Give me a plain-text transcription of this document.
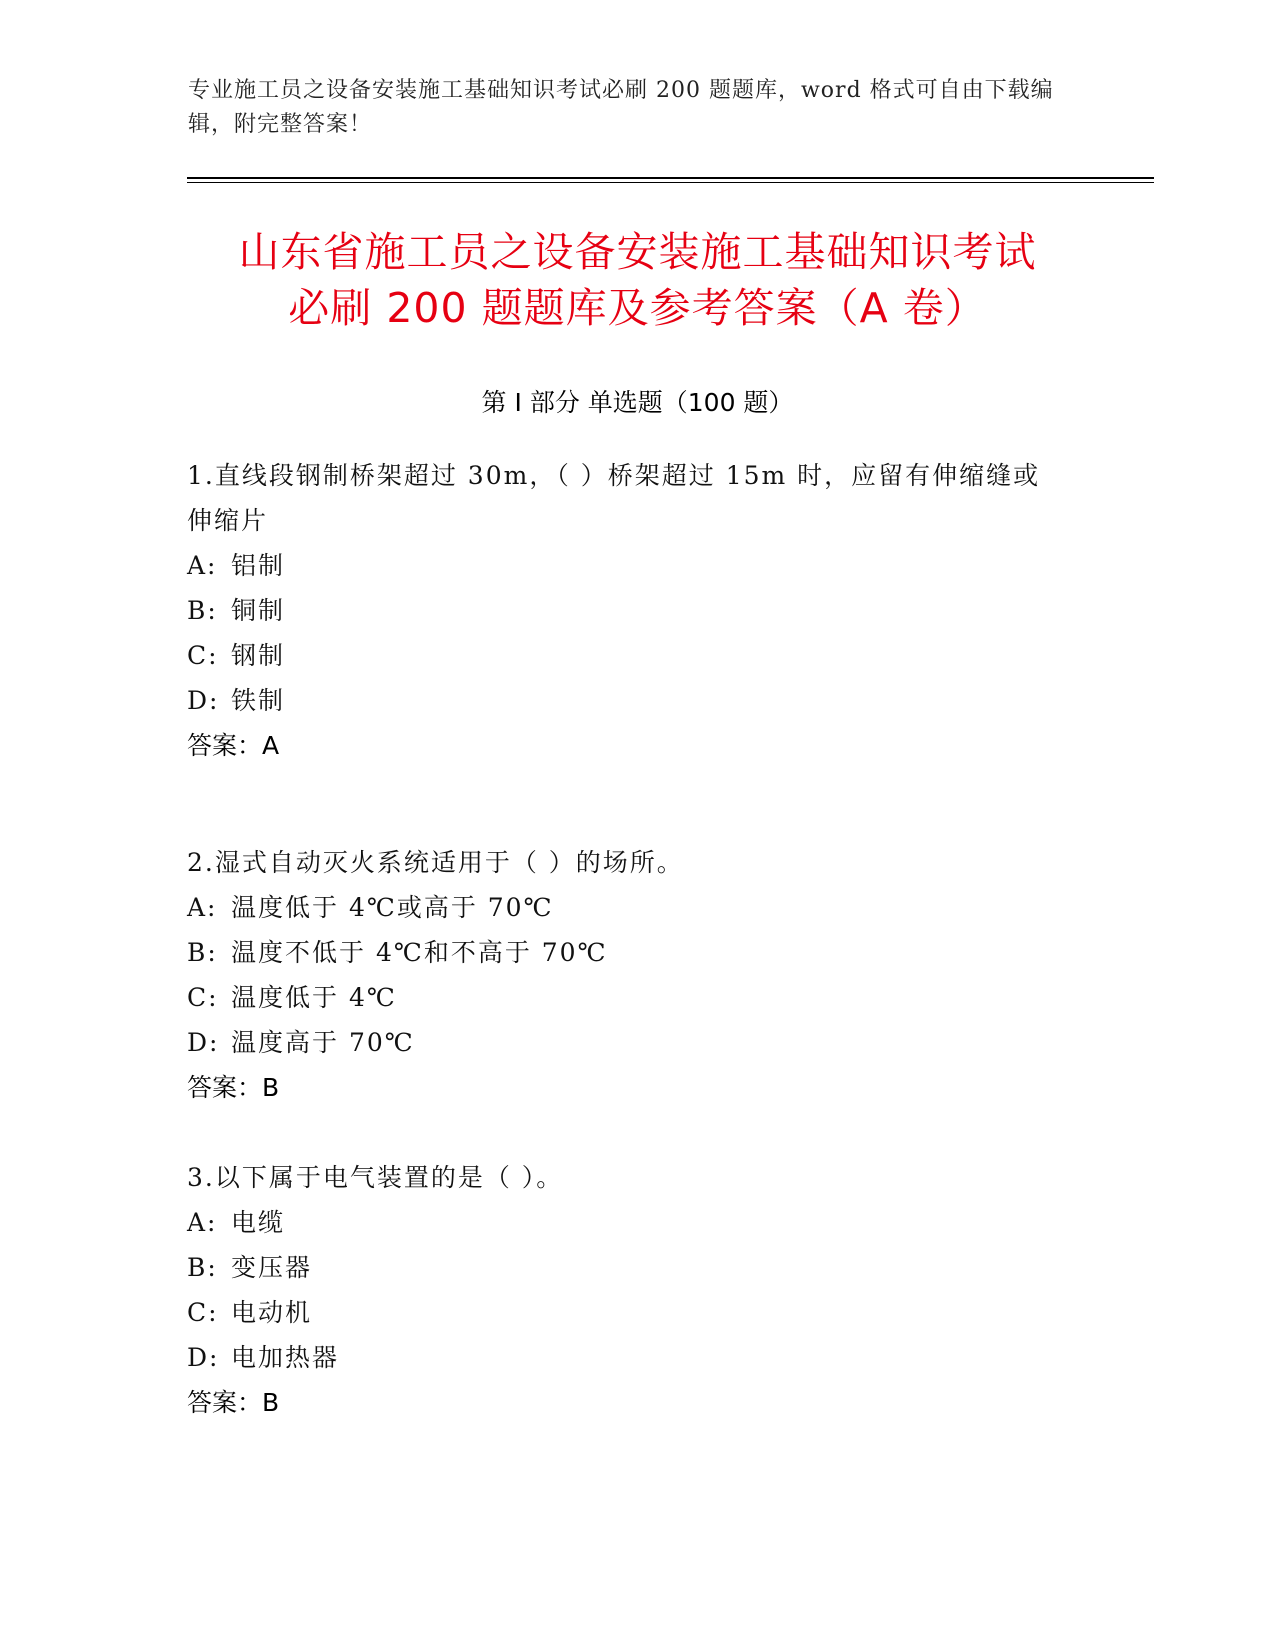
专业施工员之设备安装施工基础知识考试必刷 200 题题库，word 格式可自由下载编辑，附完整答案！
山东省施工员之设备安装施工基础知识考试
必刷 200 题题库及参考答案（A 卷）
第 I 部分 单选题（100 题）
1.直线段钢制桥架超过 30m，（ ）桥架超过 15m 时，应留有伸缩缝或伸缩片
A: 铝制
B: 铜制
C: 钢制
D: 铁制
答案：A
2.湿式自动灭火系统适用于（ ）的场所。
A: 温度低于 4℃或高于 70℃
B: 温度不低于 4℃和不高于 70℃
C: 温度低于 4℃
D: 温度高于 70℃
答案：B
3.以下属于电气装置的是（ ）。
A: 电缆
B: 变压器
C: 电动机
D: 电加热器
答案：B
